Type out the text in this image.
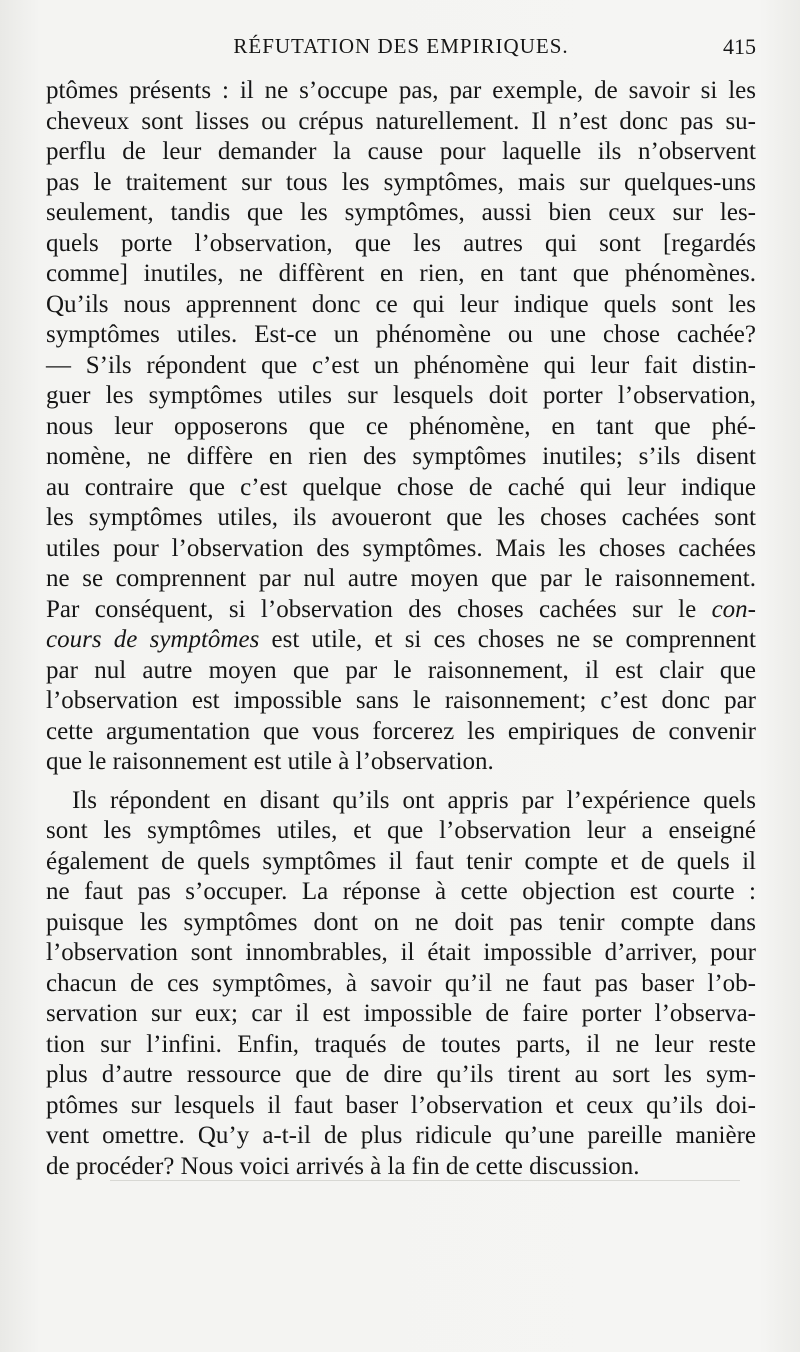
RÉFUTATION DES EMPIRIQUES.	415
ptômes présents : il ne s’occupe pas, par exemple, de savoir si les
cheveux sont lisses ou crépus naturellement. Il n’est donc pas su-
perflu de leur demander la cause pour laquelle ils n’observent
pas le traitement sur tous les symptômes, mais sur quelques-uns
seulement, tandis que les symptômes, aussi bien ceux sur les-
quels porte l’observation, que les autres qui sont [regardés
comme] inutiles, ne diffèrent en rien, en tant que phénomènes.
Qu’ils nous apprennent donc ce qui leur indique quels sont les
symptômes utiles. Est-ce un phénomène ou une chose cachée?
— S’ils répondent que c’est un phénomène qui leur fait distin-
guer les symptômes utiles sur lesquels doit porter l’observation,
nous leur opposerons que ce phénomène, en tant que phé-
nomène, ne diffère en rien des symptômes inutiles; s’ils disent
au contraire que c’est quelque chose de caché qui leur indique
les symptômes utiles, ils avoueront que les choses cachées sont
utiles pour l’observation des symptômes. Mais les choses cachées
ne se comprennent par nul autre moyen que par le raisonnement.
Par conséquent, si l’observation des choses cachées sur le con-
cours de symptômes est utile, et si ces choses ne se comprennent
par nul autre moyen que par le raisonnement, il est clair que
l’observation est impossible sans le raisonnement; c’est donc par
cette argumentation que vous forcerez les empiriques de convenir
que le raisonnement est utile à l’observation.
Ils répondent en disant qu’ils ont appris par l’expérience quels
sont les symptômes utiles, et que l’observation leur a enseigné
également de quels symptômes il faut tenir compte et de quels il
ne faut pas s’occuper. La réponse à cette objection est courte :
puisque les symptômes dont on ne doit pas tenir compte dans
l’observation sont innombrables, il était impossible d’arriver, pour
chacun de ces symptômes, à savoir qu’il ne faut pas baser l’ob-
servation sur eux; car il est impossible de faire porter l’observa-
tion sur l’infini. Enfin, traqués de toutes parts, il ne leur reste
plus d’autre ressource que de dire qu’ils tirent au sort les sym-
ptômes sur lesquels il faut baser l’observation et ceux qu’ils doi-
vent omettre. Qu’y a-t-il de plus ridicule qu’une pareille manière
de procéder? Nous voici arrivés à la fin de cette discussion.
